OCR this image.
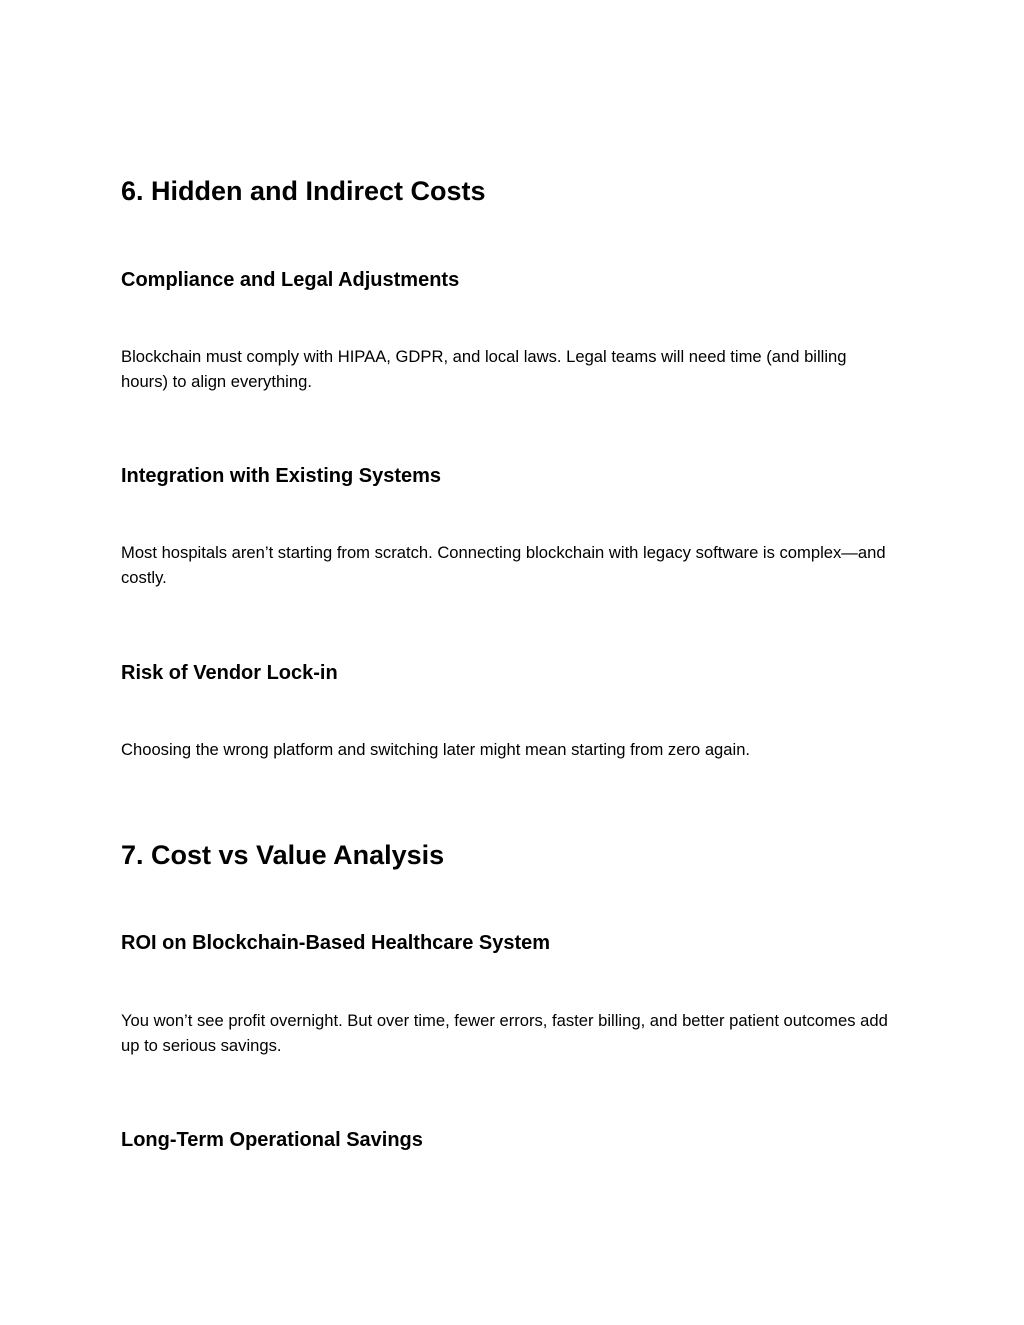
6. Hidden and Indirect Costs
Compliance and Legal Adjustments

Blockchain must comply with HIPAA, GDPR, and local laws. Legal teams will need time (and billing hours) to align everything.

Integration with Existing Systems

Most hospitals aren’t starting from scratch. Connecting blockchain with legacy software is complex—and costly.

Risk of Vendor Lock-in

Choosing the wrong platform and switching later might mean starting from zero again.

7. Cost vs Value Analysis
ROI on Blockchain-Based Healthcare System

You won’t see profit overnight. But over time, fewer errors, faster billing, and better patient outcomes add up to serious savings.

Long-Term Operational Savings
